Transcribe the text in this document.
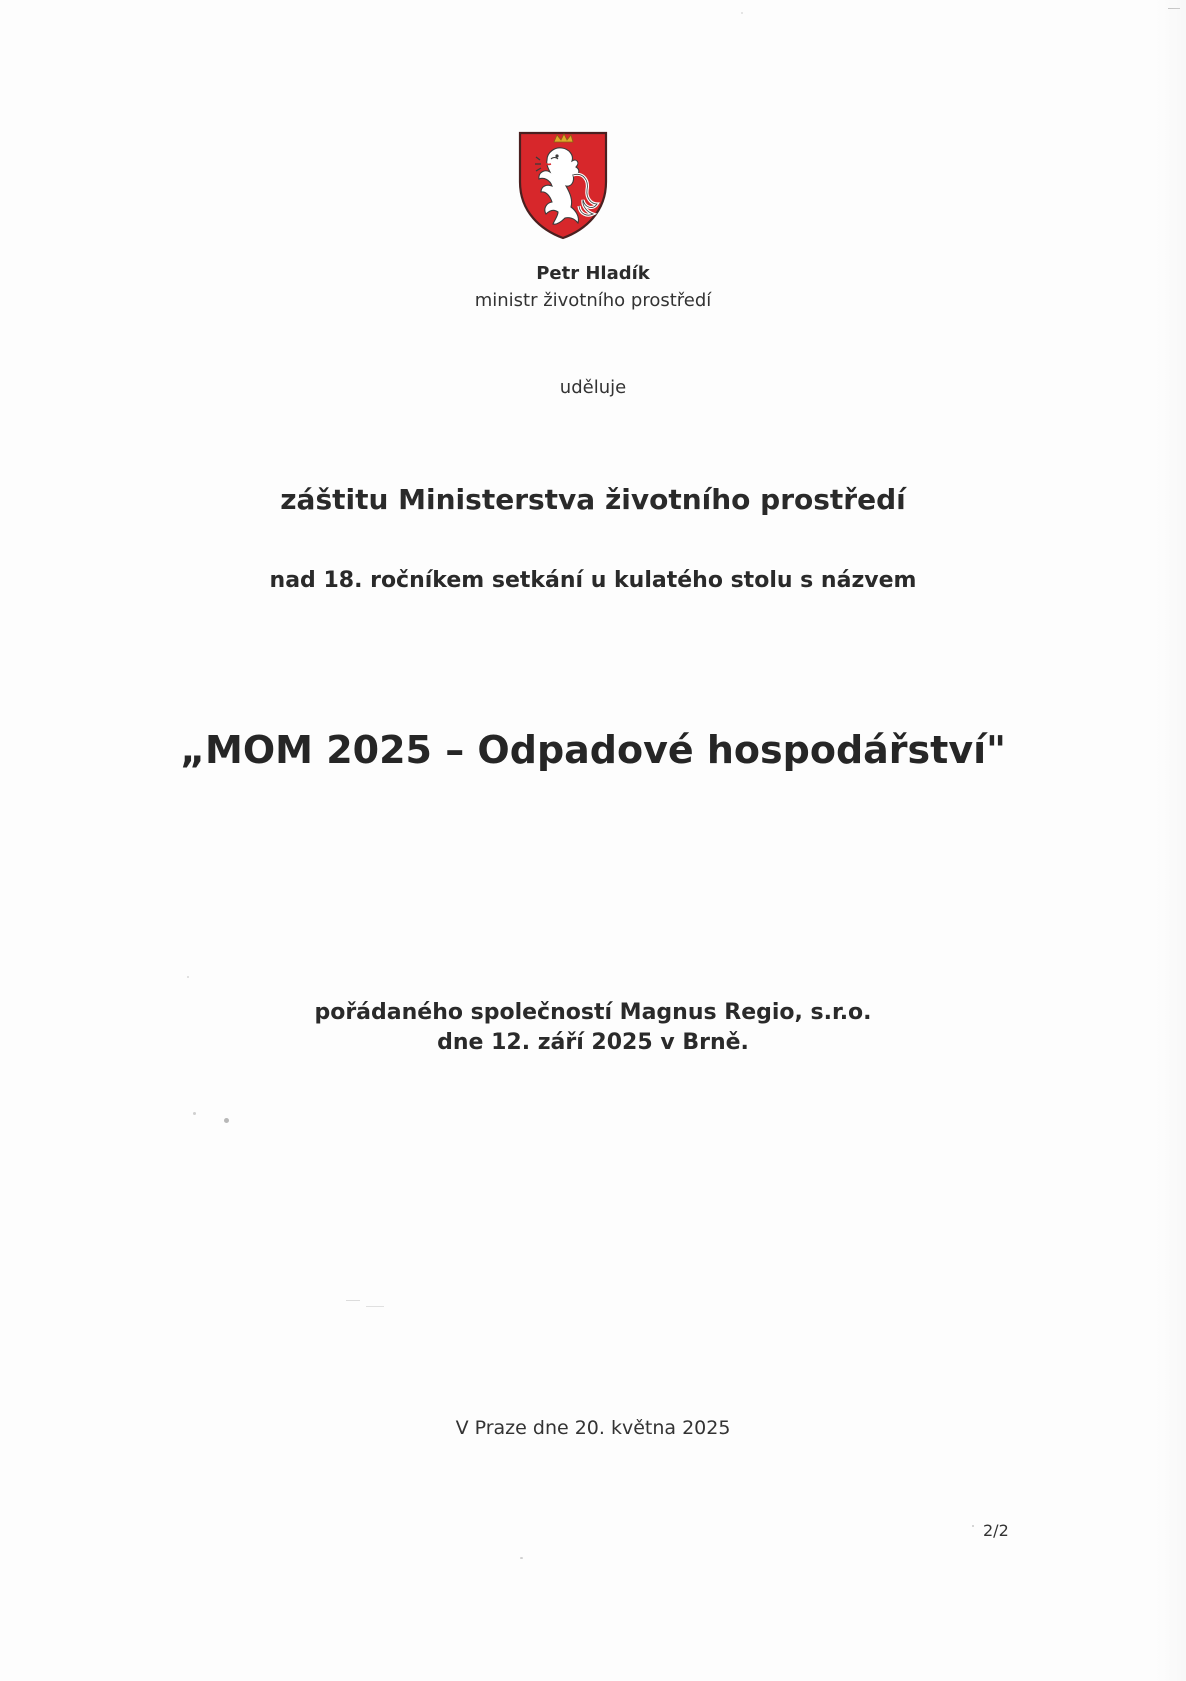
Petr Hladík
ministr životního prostředí
uděluje
záštitu Ministerstva životního prostředí
nad 18. ročníkem setkání u kulatého stolu s názvem
„MOM 2025 – Odpadové hospodářství"
pořádaného společností Magnus Regio, s.r.o.
dne 12. září 2025 v Brně.
V Praze dne 20. května 2025
2/2
